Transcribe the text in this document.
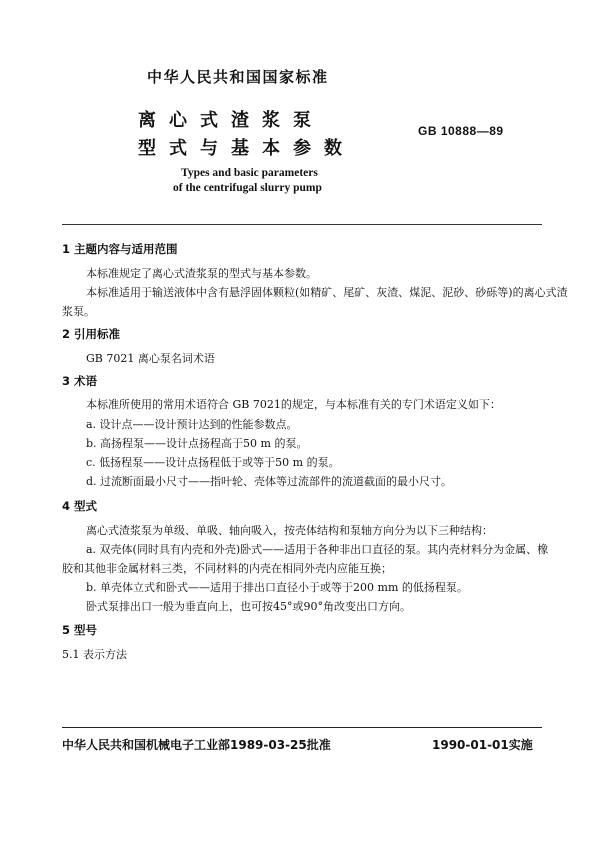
中华人民共和国国家标准
离心式渣浆泵
型式与基本参数
GB 10888—89
Types and basic parameters
of the centrifugal slurry pump
1 主题内容与适用范围
本标准规定了离心式渣浆泵的型式与基本参数。
本标准适用于输送液体中含有悬浮固体颗粒(如精矿、尾矿、灰渣、煤泥、泥砂、砂砾等)的离心式渣
浆泵。
2 引用标准
GB 7021 离心泵名词术语
3 术语
本标准所使用的常用术语符合 GB 7021的规定，与本标准有关的专门术语定义如下：
a. 设计点——设计预计达到的性能参数点。
b. 高扬程泵——设计点扬程高于50 m 的泵。
c. 低扬程泵——设计点扬程低于或等于50 m 的泵。
d. 过流断面最小尺寸——指叶轮、壳体等过流部件的流道截面的最小尺寸。
4 型式
离心式渣浆泵为单级、单吸、轴向吸入，按壳体结构和泵轴方向分为以下三种结构：
a. 双壳体(同时具有内壳和外壳)卧式——适用于各种非出口直径的泵。其内壳材料分为金属、橡
胶和其他非金属材料三类，不同材料的内壳在相同外壳内应能互换；
b. 单壳体立式和卧式——适用于排出口直径小于或等于200 mm 的低扬程泵。
卧式泵排出口一般为垂直向上，也可按45°或90°角改变出口方向。
5 型号
5.1 表示方法
中华人民共和国机械电子工业部1989-03-25批准	1990-01-01实施
